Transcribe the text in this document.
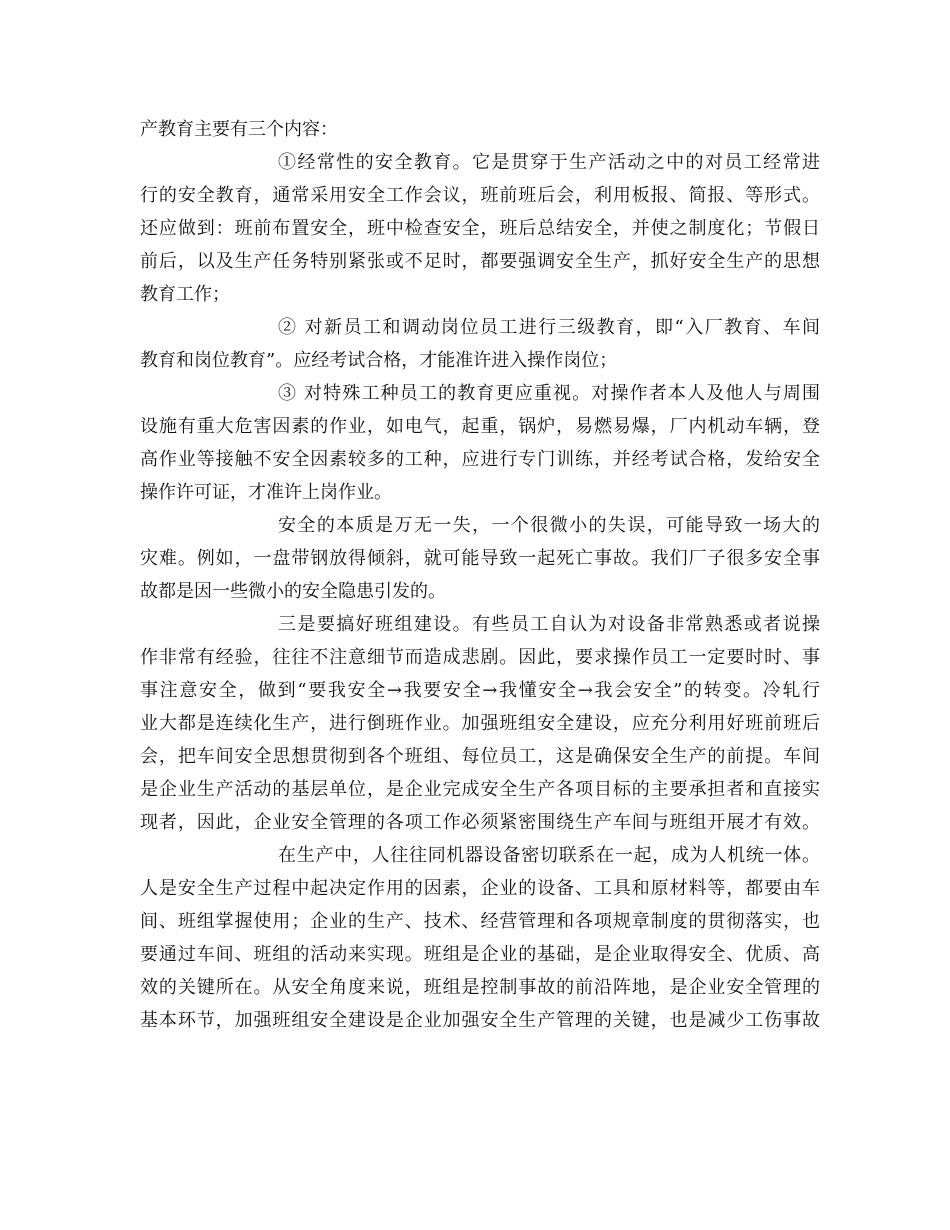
产教育主要有三个内容：
①经常性的安全教育。它是贯穿于生产活动之中的对员工经常进
行的安全教育，通常采用安全工作会议，班前班后会，利用板报、简报、等形式。
还应做到：班前布置安全，班中检查安全，班后总结安全，并使之制度化；节假日
前后，以及生产任务特别紧张或不足时，都要强调安全生产，抓好安全生产的思想
教育工作；
② 对新员工和调动岗位员工进行三级教育，即“入厂教育、车间
教育和岗位教育”。应经考试合格，才能准许进入操作岗位；
③ 对特殊工种员工的教育更应重视。对操作者本人及他人与周围
设施有重大危害因素的作业，如电气，起重，锅炉，易燃易爆，厂内机动车辆，登
高作业等接触不安全因素较多的工种，应进行专门训练，并经考试合格，发给安全
操作许可证，才准许上岗作业。
安全的本质是万无一失，一个很微小的失误，可能导致一场大的
灾难。例如，一盘带钢放得倾斜，就可能导致一起死亡事故。我们厂子很多安全事
故都是因一些微小的安全隐患引发的。
三是要搞好班组建设。有些员工自认为对设备非常熟悉或者说操
作非常有经验，往往不注意细节而造成悲剧。因此，要求操作员工一定要时时、事
事注意安全，做到“要我安全→我要安全→我懂安全→我会安全”的转变。冷轧行
业大都是连续化生产，进行倒班作业。加强班组安全建设，应充分利用好班前班后
会，把车间安全思想贯彻到各个班组、每位员工，这是确保安全生产的前提。车间
是企业生产活动的基层单位，是企业完成安全生产各项目标的主要承担者和直接实
现者，因此，企业安全管理的各项工作必须紧密围绕生产车间与班组开展才有效。
在生产中，人往往同机器设备密切联系在一起，成为人机统一体。
人是安全生产过程中起决定作用的因素，企业的设备、工具和原材料等，都要由车
间、班组掌握使用；企业的生产、技术、经营管理和各项规章制度的贯彻落实，也
要通过车间、班组的活动来实现。班组是企业的基础，是企业取得安全、优质、高
效的关键所在。从安全角度来说，班组是控制事故的前沿阵地，是企业安全管理的
基本环节，加强班组安全建设是企业加强安全生产管理的关键，也是减少工伤事故
